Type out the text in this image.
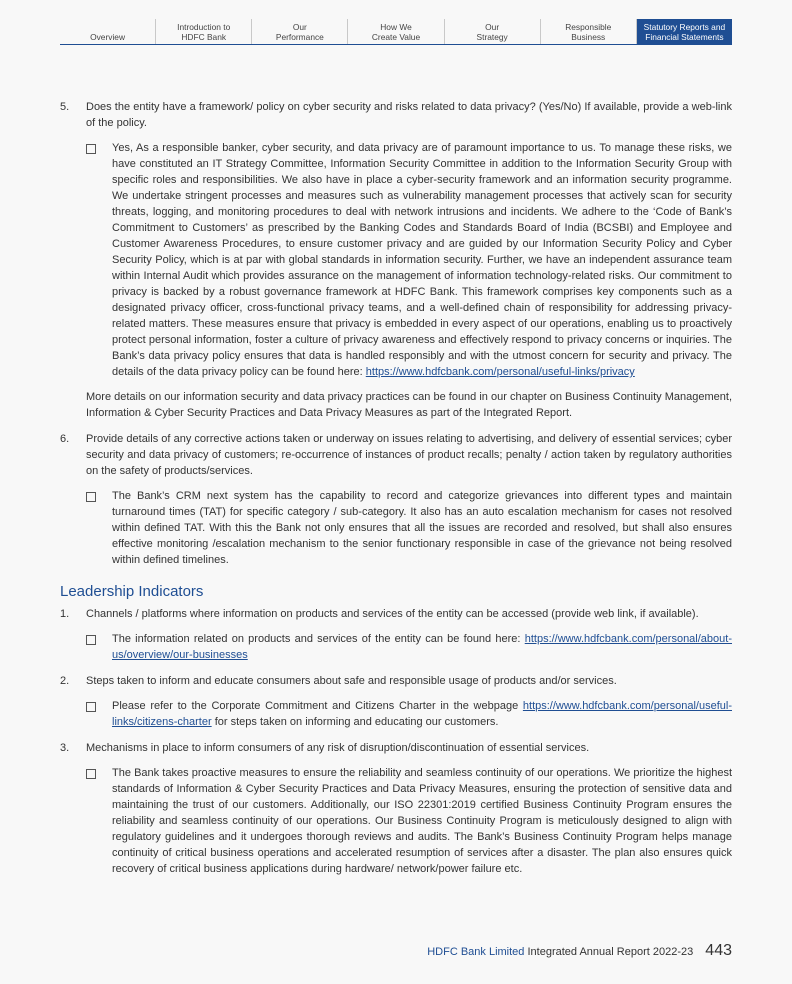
Overview
Introduction to
HDFC Bank
Our
Performance
How We
Create Value
Our
Strategy
Responsible
Business
Statutory Reports and
Financial Statements
5. Does the entity have a framework/ policy on cyber security and risks related to data privacy? (Yes/No) If available, provide a web-link of the policy.

Yes, As a responsible banker, cyber security, and data privacy are of paramount importance to us. To manage these risks, we have constituted an IT Strategy Committee, Information Security Committee in addition to the Information Security Group with specific roles and responsibilities. We also have in place a cyber-security framework and an information security programme. We undertake stringent processes and measures such as vulnerability management processes that actively scan for security threats, logging, and monitoring procedures to deal with network intrusions and incidents. We adhere to the ‘Code of Bank’s Commitment to Customers’ as prescribed by the Banking Codes and Standards Board of India (BCSBI) and Employee and Customer Awareness Procedures, to ensure customer privacy and are guided by our Information Security Policy and Cyber Security Policy, which is at par with global standards in information security. Further, we have an independent assurance team within Internal Audit which provides assurance on the management of information technology-related risks. Our commitment to privacy is backed by a robust governance framework at HDFC Bank. This framework comprises key components such as a designated privacy officer, cross-functional privacy teams, and a well-defined chain of responsibility for addressing privacy-related matters. These measures ensure that privacy is embedded in every aspect of our operations, enabling us to proactively protect personal information, foster a culture of privacy awareness and effectively respond to privacy concerns or inquiries. The Bank’s data privacy policy ensures that data is handled responsibly and with the utmost concern for security and privacy. The details of the data privacy policy can be found here: https://www.hdfcbank.com/personal/useful-links/privacy
More details on our information security and data privacy practices can be found in our chapter on Business Continuity Management, Information & Cyber Security Practices and Data Privacy Measures as part of the Integrated Report.
6. Provide details of any corrective actions taken or underway on issues relating to advertising, and delivery of essential services; cyber security and data privacy of customers; re-occurrence of instances of product recalls; penalty / action taken by regulatory authorities on the safety of products/services.

The Bank’s CRM next system has the capability to record and categorize grievances into different types and maintain turnaround times (TAT) for specific category / sub-category. It also has an auto escalation mechanism for cases not resolved within defined TAT. With this the Bank not only ensures that all the issues are recorded and resolved, but shall also ensures effective monitoring /escalation mechanism to the senior functionary responsible in case of the grievance not being resolved within defined timelines.
Leadership Indicators
1. Channels / platforms where information on products and services of the entity can be accessed (provide web link, if available).

The information related on products and services of the entity can be found here: https://www.hdfcbank.com/personal/about-us/overview/our-businesses
2. Steps taken to inform and educate consumers about safe and responsible usage of products and/or services.

Please refer to the Corporate Commitment and Citizens Charter in the webpage https://www.hdfcbank.com/personal/useful-links/citizens-charter for steps taken on informing and educating our customers.
3. Mechanisms in place to inform consumers of any risk of disruption/discontinuation of essential services.

The Bank takes proactive measures to ensure the reliability and seamless continuity of our operations. We prioritize the highest standards of Information & Cyber Security Practices and Data Privacy Measures, ensuring the protection of sensitive data and maintaining the trust of our customers. Additionally, our ISO 22301:2019 certified Business Continuity Program ensures the reliability and seamless continuity of our operations. Our Business Continuity Program is meticulously designed to align with regulatory guidelines and it undergoes thorough reviews and audits. The Bank’s Business Continuity Program helps manage continuity of critical business operations and accelerated resumption of services after a disaster. The plan also ensures quick recovery of critical business applications during hardware/ network/power failure etc.
HDFC Bank Limited Integrated Annual Report 2022-23 443
